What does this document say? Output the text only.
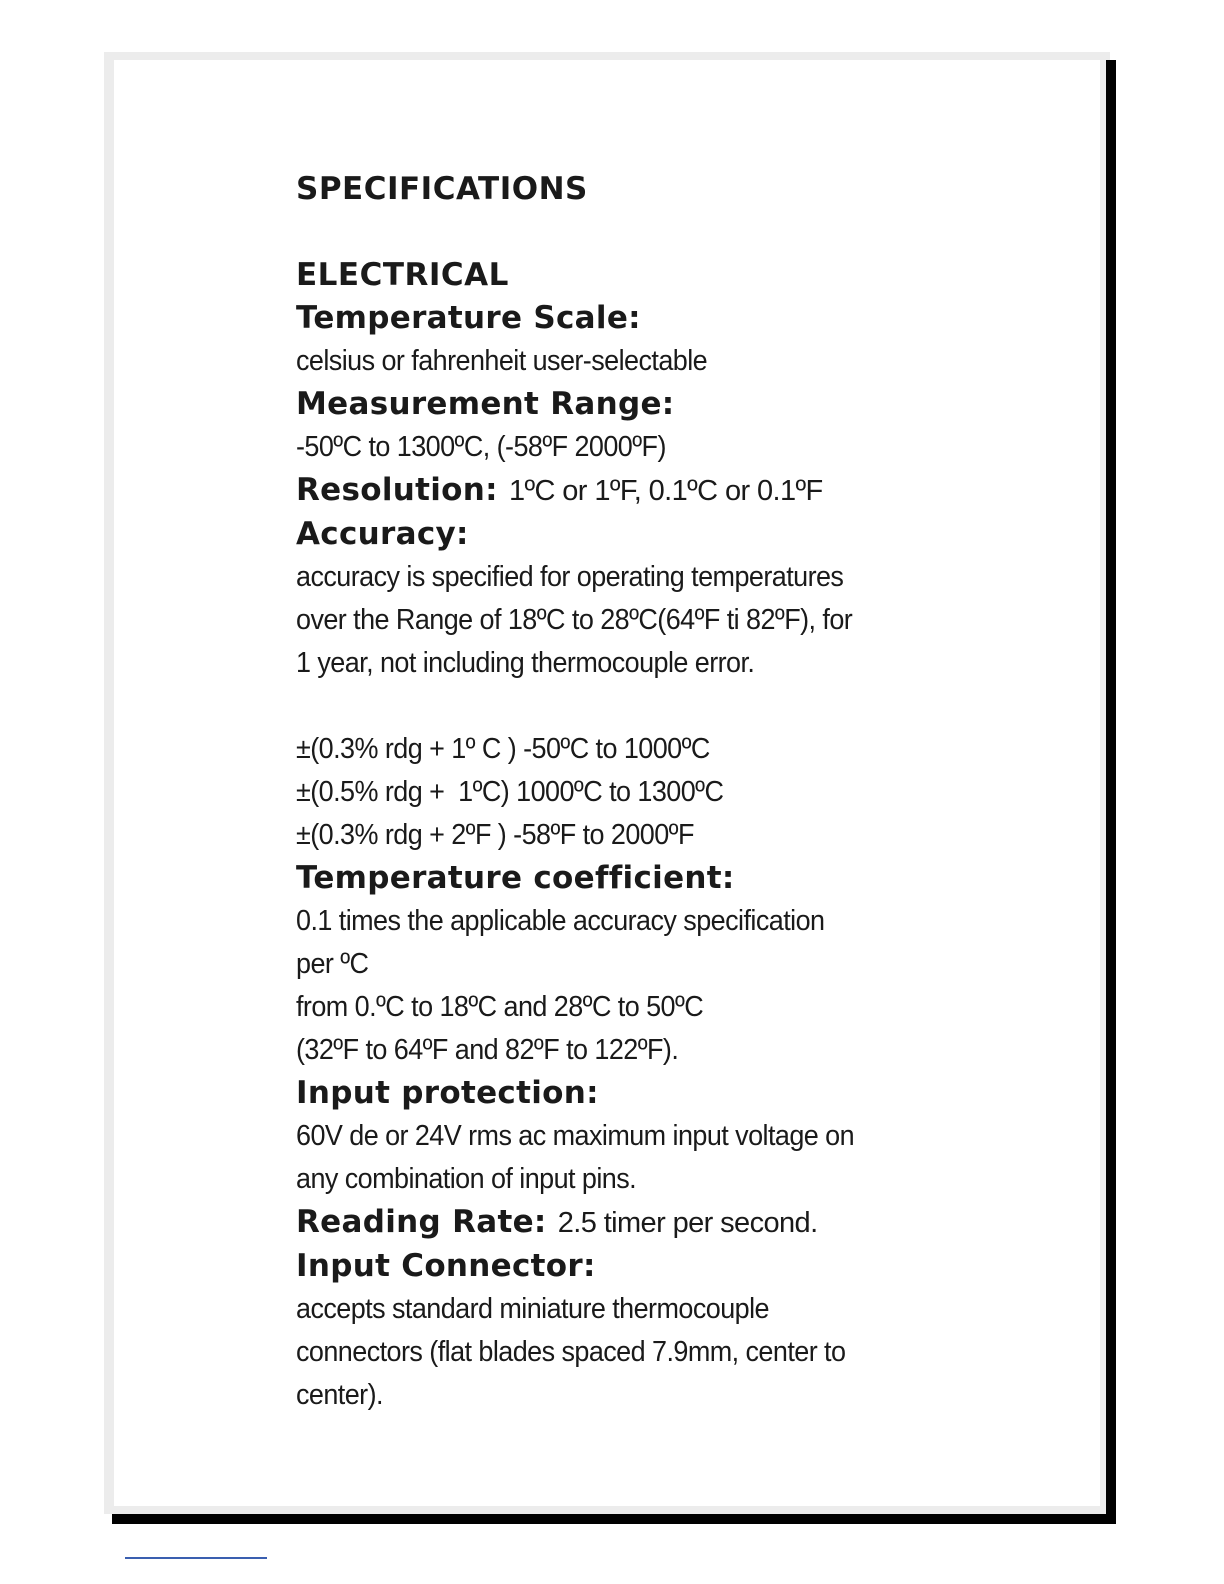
SPECIFICATIONS
ELECTRICAL
Temperature Scale:
celsius or fahrenheit user-selectable
Measurement Range:
-50ºC to 1300ºC, (-58ºF 2000ºF)
Resolution: 1ºC or 1ºF, 0.1ºC or 0.1ºF
Accuracy:
accuracy is specified for operating temperatures
over the Range of 18ºC to 28ºC(64ºF ti 82ºF), for
1 year, not including thermocouple error.
±(0.3% rdg + 1º C ) -50ºC to 1000ºC
±(0.5% rdg +  1ºC) 1000ºC to 1300ºC
±(0.3% rdg + 2ºF ) -58ºF to 2000ºF
Temperature coefficient:
0.1 times the applicable accuracy specification
per ºC
from 0.ºC to 18ºC and 28ºC to 50ºC
(32ºF to 64ºF and 82ºF to 122ºF).
Input protection:
60V de or 24V rms ac maximum input voltage on
any combination of input pins.
Reading Rate: 2.5 timer per second.
Input Connector:
accepts standard miniature thermocouple
connectors (flat blades spaced 7.9mm, center to
center).
